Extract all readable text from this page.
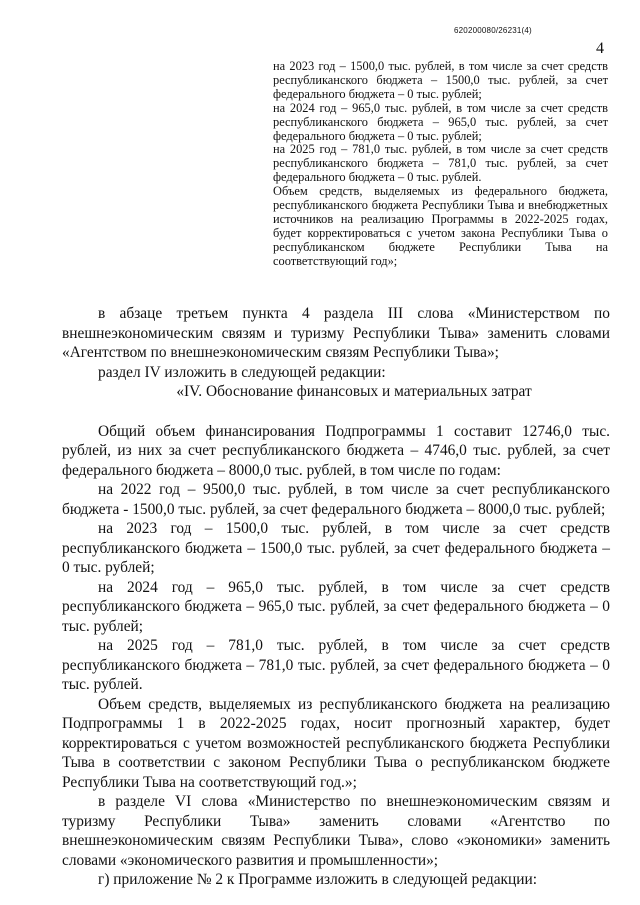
620200080/26231(4)
4

на 2023 год – 1500,0 тыс. рублей, в том числе за счет средств республиканского бюджета – 1500,0 тыс. рублей, за счет федерального бюджета – 0 тыс. рублей;

на 2024 год – 965,0 тыс. рублей, в том числе за счет средств республиканского бюджета – 965,0 тыс. рублей, за счет федерального бюджета – 0 тыс. рублей;

на 2025 год – 781,0 тыс. рублей, в том числе за счет средств республиканского бюджета – 781,0 тыс. рублей, за счет федерального бюджета – 0 тыс. рублей.

Объем средств, выделяемых из федерального бюджета, республиканского бюджета Республики Тыва и внебюджетных источников на реализацию Программы в 2022-2025 годах, будет корректироваться с учетом закона Республики Тыва о республиканском бюджете Республики Тыва на соответствующий год»;

в абзаце третьем пункта 4 раздела III слова «Министерством по внешнеэкономическим связям и туризму Республики Тыва» заменить словами «Агентством по внешнеэкономическим связям Республики Тыва»;

раздел IV изложить в следующей редакции:

«IV. Обоснование финансовых и материальных затрат

Общий объем финансирования Подпрограммы 1 составит 12746,0 тыс. рублей, из них за счет республиканского бюджета – 4746,0 тыс. рублей, за счет федерального бюджета – 8000,0 тыс. рублей, в том числе по годам:

на 2022 год – 9500,0 тыс. рублей, в том числе за счет республиканского бюджета - 1500,0 тыс. рублей, за счет федерального бюджета – 8000,0 тыс. рублей;

на 2023 год – 1500,0 тыс. рублей, в том числе за счет средств республиканского бюджета – 1500,0 тыс. рублей, за счет федерального бюджета – 0 тыс. рублей;

на 2024 год – 965,0 тыс. рублей, в том числе за счет средств республиканского бюджета – 965,0 тыс. рублей, за счет федерального бюджета – 0 тыс. рублей;

на 2025 год – 781,0 тыс. рублей, в том числе за счет средств республиканского бюджета – 781,0 тыс. рублей, за счет федерального бюджета – 0 тыс. рублей.

Объем средств, выделяемых из республиканского бюджета на реализацию Подпрограммы 1 в 2022-2025 годах, носит прогнозный характер, будет корректироваться с учетом возможностей республиканского бюджета Республики Тыва в соответствии с законом Республики Тыва о республиканском бюджете Республики Тыва на соответствующий год.»;

в разделе VI слова «Министерство по внешнеэкономическим связям и туризму Республики Тыва» заменить словами «Агентство по внешнеэкономическим связям Республики Тыва», слово «экономики» заменить словами «экономического развития и промышленности»;

г) приложение № 2 к Программе изложить в следующей редакции:
